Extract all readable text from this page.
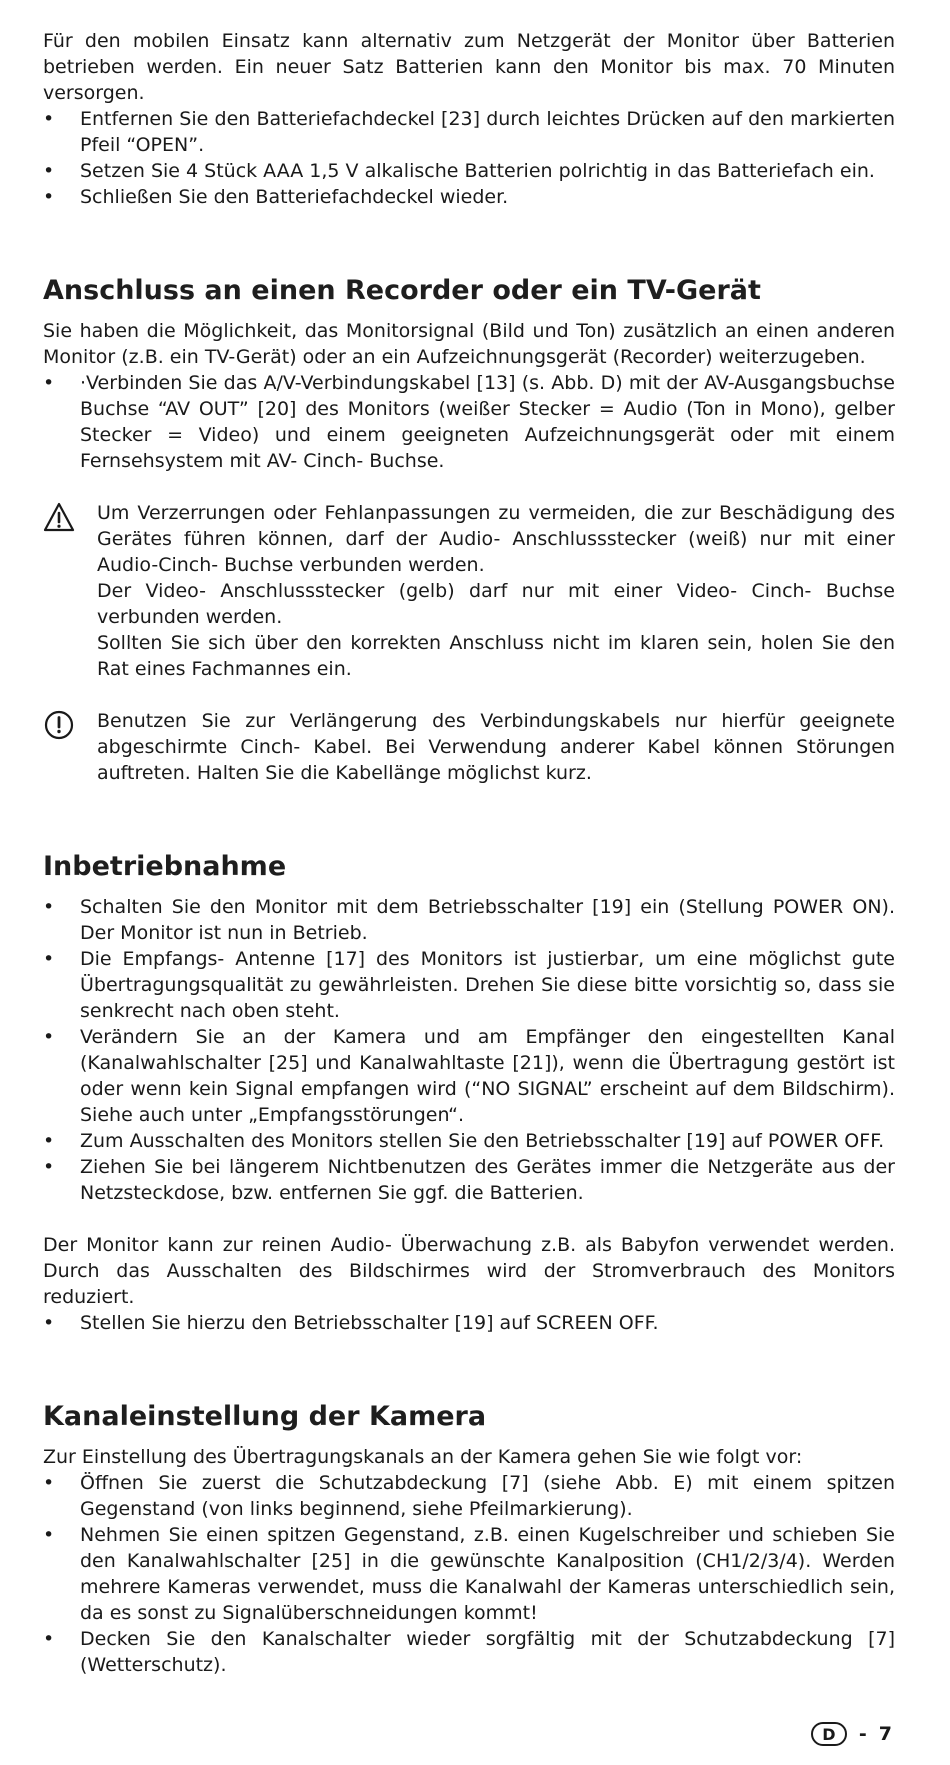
Für den mobilen Einsatz kann alternativ zum Netzgerät der Monitor über Batterien betrieben werden. Ein neuer Satz Batterien kann den Monitor bis max. 70 Minuten versorgen.

• Entfernen Sie den Batteriefachdeckel [23] durch leichtes Drücken auf den markierten Pfeil “OPEN”.
• Setzen Sie 4 Stück AAA 1,5 V alkalische Batterien polrichtig in das Batteriefach ein.
• Schließen Sie den Batteriefachdeckel wieder.
Anschluss an einen Recorder oder ein TV-Gerät

Sie haben die Möglichkeit, das Monitorsignal (Bild und Ton) zusätzlich an einen anderen Monitor (z.B. ein TV-Gerät) oder an ein Aufzeichnungsgerät (Recorder) weiterzugeben.

• ·Verbinden Sie das A/V-Verbindungskabel [13] (s. Abb. D) mit der AV-Ausgangsbuchse Buchse “AV OUT” [20] des Monitors (weißer Stecker = Audio (Ton in Mono), gelber Stecker = Video) und einem geeigneten Aufzeichnungsgerät oder mit einem Fernsehsystem mit AV- Cinch- Buchse.

Um Verzerrungen oder Fehlanpassungen zu vermeiden, die zur Beschädigung des Gerätes führen können, darf der Audio- Anschlussstecker (weiß) nur mit einer Audio-Cinch- Buchse verbunden werden.

Der Video- Anschlussstecker (gelb) darf nur mit einer Video- Cinch- Buchse verbunden werden.

Sollten Sie sich über den korrekten Anschluss nicht im klaren sein, holen Sie den Rat eines Fachmannes ein.

Benutzen Sie zur Verlängerung des Verbindungskabels nur hierfür geeignete abgeschirmte Cinch- Kabel. Bei Verwendung anderer Kabel können Störungen auftreten. Halten Sie die Kabellänge möglichst kurz.

Inbetriebnahme
• Schalten Sie den Monitor mit dem Betriebsschalter [19] ein (Stellung POWER ON). Der Monitor ist nun in Betrieb.
• Die Empfangs- Antenne [17] des Monitors ist justierbar, um eine möglichst gute Übertragungsqualität zu gewährleisten. Drehen Sie diese bitte vorsichtig so, dass sie senkrecht nach oben steht.
• Verändern Sie an der Kamera und am Empfänger den eingestellten Kanal (Kanalwahlschalter [25] und Kanalwahltaste [21]), wenn die Übertragung gestört ist oder wenn kein Signal empfangen wird (“NO SIGNAL” erscheint auf dem Bildschirm). Siehe auch unter „Empfangsstörungen“.
• Zum Ausschalten des Monitors stellen Sie den Betriebsschalter [19] auf POWER OFF.
• Ziehen Sie bei längerem Nichtbenutzen des Gerätes immer die Netzgeräte aus der Netzsteckdose, bzw. entfernen Sie ggf. die Batterien.

Der Monitor kann zur reinen Audio- Überwachung z.B. als Babyfon verwendet werden. Durch das Ausschalten des Bildschirmes wird der Stromverbrauch des Monitors reduziert.

• Stellen Sie hierzu den Betriebsschalter [19] auf SCREEN OFF.
Kanaleinstellung der Kamera

Zur Einstellung des Übertragungskanals an der Kamera gehen Sie wie folgt vor:

• Öffnen Sie zuerst die Schutzabdeckung [7] (siehe Abb. E) mit einem spitzen Gegenstand (von links beginnend, siehe Pfeilmarkierung).
• Nehmen Sie einen spitzen Gegenstand, z.B. einen Kugelschreiber und schieben Sie den Kanalwahlschalter [25] in die gewünschte Kanalposition (CH1/2/3/4). Werden mehrere Kameras verwendet, muss die Kanalwahl der Kameras unterschiedlich sein, da es sonst zu Signalüberschneidungen kommt!
• Decken Sie den Kanalschalter wieder sorgfältig mit der Schutzabdeckung [7] (Wetterschutz).
D	- 7
